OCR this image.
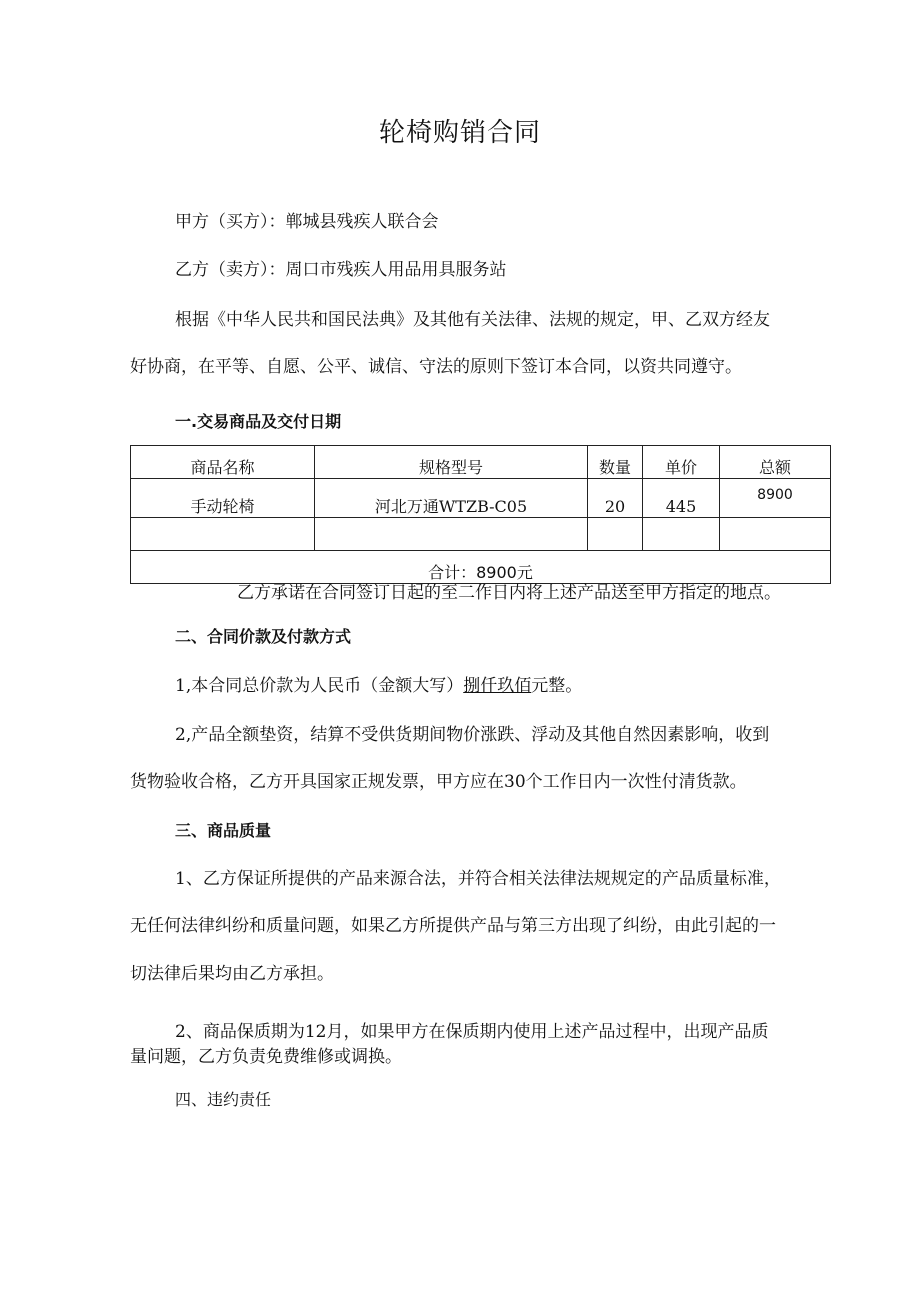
轮椅购销合同
甲方（买方）：郸城县残疾人联合会
乙方（卖方）：周口市残疾人用品用具服务站
根据《中华人民共和国民法典》及其他有关法律、法规的规定，甲、乙双方经友
好协商，在平等、自愿、公平、诚信、守法的原则下签订本合同，以资共同遵守。
一.交易商品及交付日期
商品名称	规格型号	数量	单价	总额
手动轮椅	河北万通WTZB-C05	20	445	8900

合计：8900元				
乙方承诺在合同签订日起的至二作日内将上述产品送至甲方指定的地点。
二、合同价款及付款方式
1,本合同总价款为人民币（金额大写）捌仟玖佰元整。
2,产品全额垫资，结算不受供货期间物价涨跌、浮动及其他自然因素影响，收到
货物验收合格，乙方开具国家正规发票，甲方应在30个工作日内一次性付清货款。
三、商品质量
1、乙方保证所提供的产品来源合法，并符合相关法律法规规定的产品质量标准，
无任何法律纠纷和质量问题，如果乙方所提供产品与第三方出现了纠纷，由此引起的一
切法律后果均由乙方承担。
2、商品保质期为12月，如果甲方在保质期内使用上述产品过程中，出现产品质
量问题，乙方负责免费维修或调换。
四、违约责任
